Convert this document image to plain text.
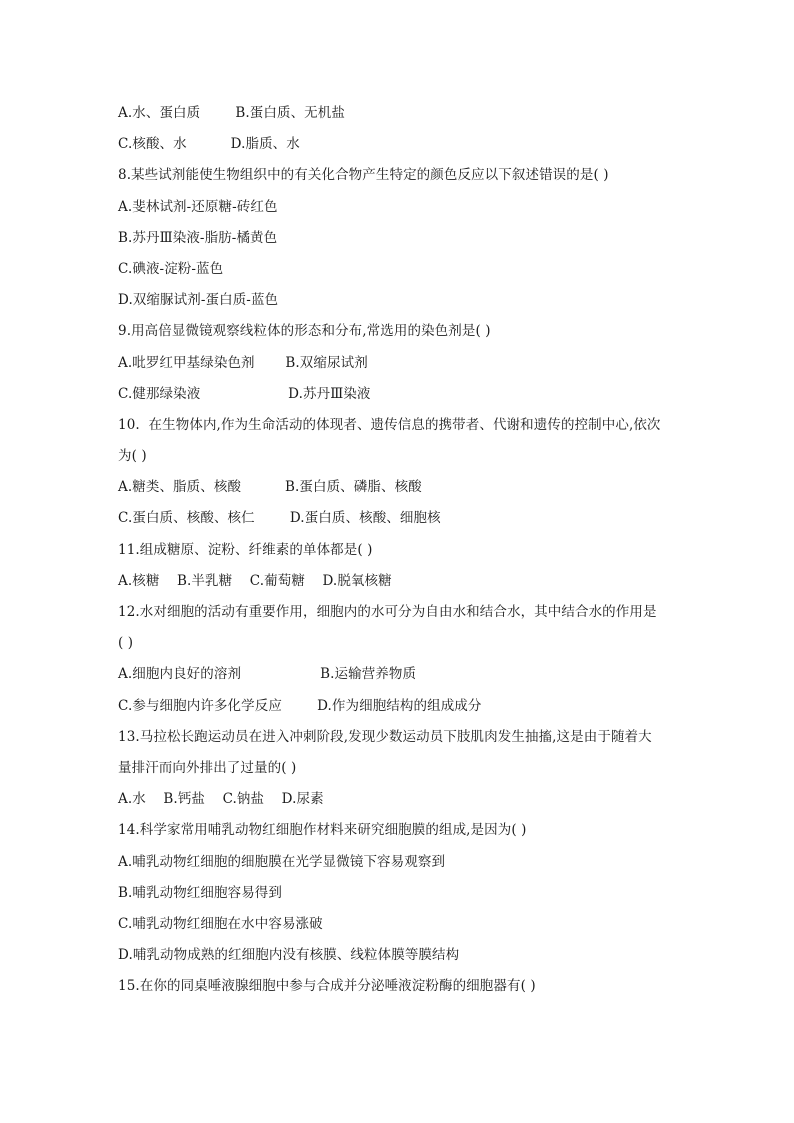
A.水、蛋白质        B.蛋白质、无机盐
C.核酸、水          D.脂质、水
8.某些试剂能使生物组织中的有关化合物产生特定的颜色反应以下叙述错误的是( )
A.斐林试剂-还原糖-砖红色
B.苏丹Ⅲ染液-脂肪-橘黄色
C.碘液-淀粉-蓝色
D.双缩脲试剂-蛋白质-蓝色
9.用高倍显微镜观察线粒体的形态和分布,常选用的染色剂是( )
A.吡罗红甲基绿染色剂       B.双缩尿试剂
C.健那绿染液                    D.苏丹Ⅲ染液
10.  在生物体内,作为生命活动的体现者、遗传信息的携带者、代谢和遗传的控制中心,依次
为( )
A.糖类、脂质、核酸          B.蛋白质、磷脂、核酸
C.蛋白质、核酸、核仁        D.蛋白质、核酸、细胞核
11.组成糖原、淀粉、纤维素的单体都是( )
A.核糖    B.半乳糖    C.葡萄糖    D.脱氧核糖
12.水对细胞的活动有重要作用，细胞内的水可分为自由水和结合水，其中结合水的作用是
( )
A.细胞内良好的溶剂                  B.运输营养物质
C.参与细胞内许多化学反应        D.作为细胞结构的组成成分
13.马拉松长跑运动员在进入冲刺阶段,发现少数运动员下肢肌肉发生抽搐,这是由于随着大
量排汗而向外排出了过量的( )
A.水    B.钙盐    C.钠盐    D.尿素
14.科学家常用哺乳动物红细胞作材料来研究细胞膜的组成,是因为( )
A.哺乳动物红细胞的细胞膜在光学显微镜下容易观察到
B.哺乳动物红细胞容易得到
C.哺乳动物红细胞在水中容易涨破
D.哺乳动物成熟的红细胞内没有核膜、线粒体膜等膜结构
15.在你的同桌唾液腺细胞中参与合成并分泌唾液淀粉酶的细胞器有( )
